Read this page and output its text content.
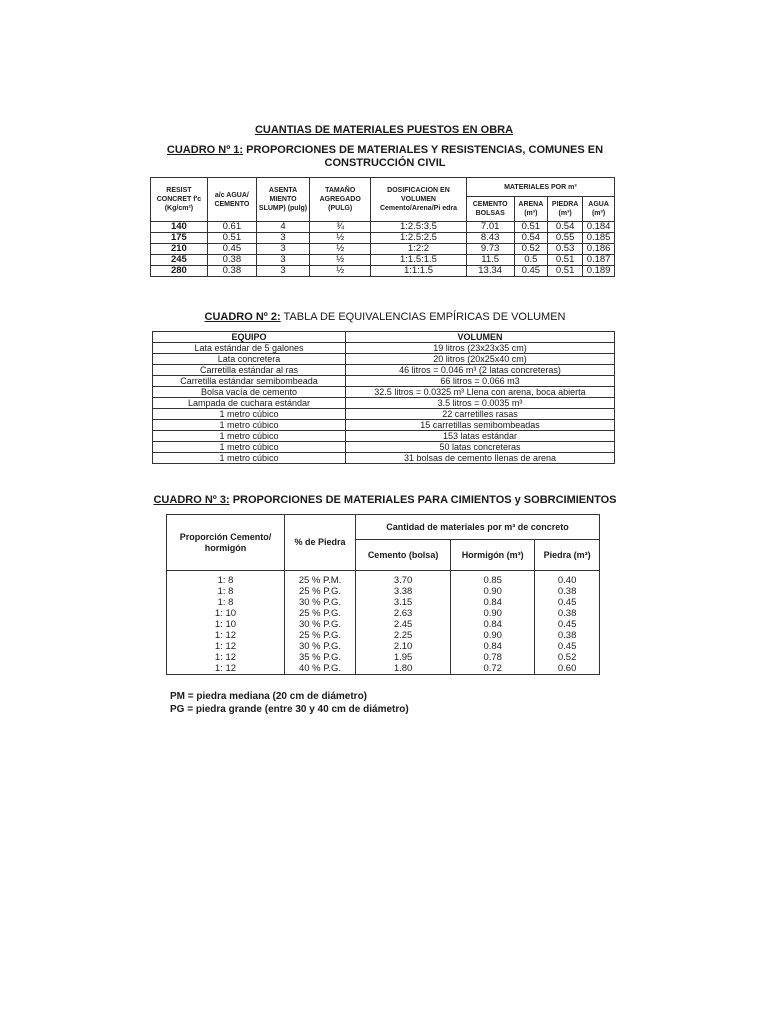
CUANTIAS DE MATERIALES PUESTOS EN OBRA
CUADRO Nº 1: PROPORCIONES DE MATERIALES Y RESISTENCIAS, COMUNES EN CONSTRUCCIÓN CIVIL
RESIST CONCRET f'c (Kg/cm²)	a/c AGUA/ CEMENTO	ASENTA MIENTO SLUMP) (pulg)	TAMAÑO AGREGADO (PULG)	DOSIFICACION EN VOLUMEN Cemento/Arena/Pi edra	MATERIALES POR m³			
					CEMENTO BOLSAS	ARENA (m³)	PIEDRA (m³)	AGUA (m³)
140	0.61	4	¾	1:2.5:3.5	7.01	0.51	0.54	0.184
175	0.51	3	½	1:2.5:2.5	8.43	0.54	0.55	0.185
210	0.45	3	½	1:2:2	9.73	0.52	0.53	0.186
245	0.38	3	½	1:1.5:1.5	11.5	0.5	0.51	0.187
280	0.38	3	½	1:1:1.5	13.34	0.45	0.51	0.189
CUADRO Nº 2: TABLA DE EQUIVALENCIAS EMPÍRICAS DE VOLUMEN
EQUIPO	VOLUMEN
Lata estándar de 5 galones	19 litros (23x23x35 cm)
Lata concretera	20 litros (20x25x40 cm)
Carretilla estándar al ras	46 litros = 0.046 m³ (2 latas concreteras)
Carretilla estándar semibombeada	66 litros = 0.066 m3
Bolsa vacía de cemento	32.5 litros = 0.0325 m³ Llena con arena, boca abierta
Lampada de cuchara estándar	3.5 litros = 0.0035 m³
1 metro cúbico	22 carretilles rasas
1 metro cúbico	15 carretillas semibombeadas
1 metro cúbico	153 latas estándar
1 metro cúbico	50 latas concreteras
1 metro cúbico	31 bolsas de cemento llenas de arena
CUADRO Nº 3: PROPORCIONES DE MATERIALES PARA CIMIENTOS y SOBRCIMIENTOS
Proporción Cemento/ hormigón	% de Piedra	Cantidad de materiales por m³ de concreto		
		Cemento (bolsa)	Hormigón (m³)	Piedra (m³)
1: 8	25 % P.M.	3.70	0.85	0.40
1: 8	25 % P.G.	3.38	0.90	0.38
1: 8	30 % P.G.	3.15	0.84	0.45
1: 10	25 % P.G.	2.63	0.90	0.38
1: 10	30 % P.G.	2.45	0.84	0.45
1: 12	25 % P.G.	2.25	0.90	0.38
1: 12	30 % P.G.	2.10	0.84	0.45
1: 12	35 % P.G.	1.95	0.78	0.52
1: 12	40 % P.G.	1.80	0.72	0.60
PM = piedra mediana (20 cm de diámetro)
PG = piedra grande (entre 30 y 40 cm de diámetro)
